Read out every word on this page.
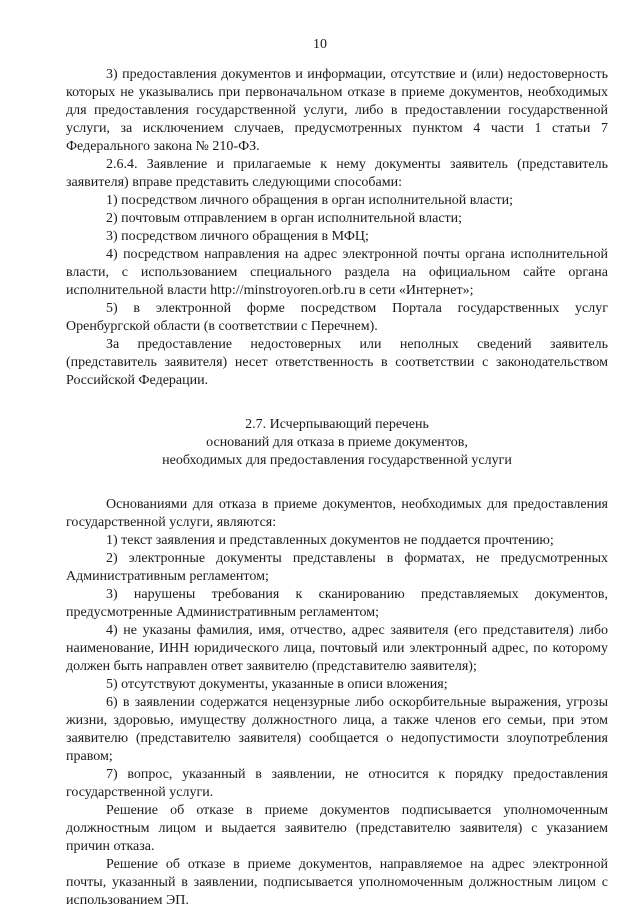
10

3) предоставления документов и информации, отсутствие и (или) недостоверность которых не указывались при первоначальном отказе в приеме документов, необходимых для предоставления государственной услуги, либо в предоставлении государственной услуги, за исключением случаев, предусмотренных пунктом 4 части 1 статьи 7 Федерального закона № 210-ФЗ.

2.6.4. Заявление и прилагаемые к нему документы заявитель (представитель заявителя) вправе представить следующими способами:

1) посредством личного обращения в орган исполнительной власти;

2) почтовым отправлением в орган исполнительной власти;

3) посредством личного обращения в МФЦ;

4) посредством направления на адрес электронной почты органа исполнительной власти, с использованием специального раздела на официальном сайте органа исполнительной власти http://minstroyoren.orb.ru в сети «Интернет»;

5) в электронной форме посредством Портала государственных услуг Оренбургской области (в соответствии с Перечнем).

За предоставление недостоверных или неполных сведений заявитель (представитель заявителя) несет ответственность в соответствии с законодательством Российской Федерации.

2.7. Исчерпывающий перечень
оснований для отказа в приеме документов,
необходимых для предоставления государственной услуги

Основаниями для отказа в приеме документов, необходимых для предоставления государственной услуги, являются:

1) текст заявления и представленных документов не поддается прочтению;

2) электронные документы представлены в форматах, не предусмотренных Административным регламентом;

3) нарушены требования к сканированию представляемых документов, предусмотренные Административным регламентом;

4) не указаны фамилия, имя, отчество, адрес заявителя (его представителя) либо наименование, ИНН юридического лица, почтовый или электронный адрес, по которому должен быть направлен ответ заявителю (представителю заявителя);

5) отсутствуют документы, указанные в описи вложения;

6) в заявлении содержатся нецензурные либо оскорбительные выражения, угрозы жизни, здоровью, имуществу должностного лица, а также членов его семьи, при этом заявителю (представителю заявителя) сообщается о недопустимости злоупотребления правом;

7) вопрос, указанный в заявлении, не относится к порядку предоставления государственной услуги.

Решение об отказе в приеме документов подписывается уполномоченным должностным лицом и выдается заявителю (представителю заявителя) с указанием причин отказа.

Решение об отказе в приеме документов, направляемое на адрес электронной почты, указанный в заявлении, подписывается уполномоченным должностным лицом с использованием ЭП.
